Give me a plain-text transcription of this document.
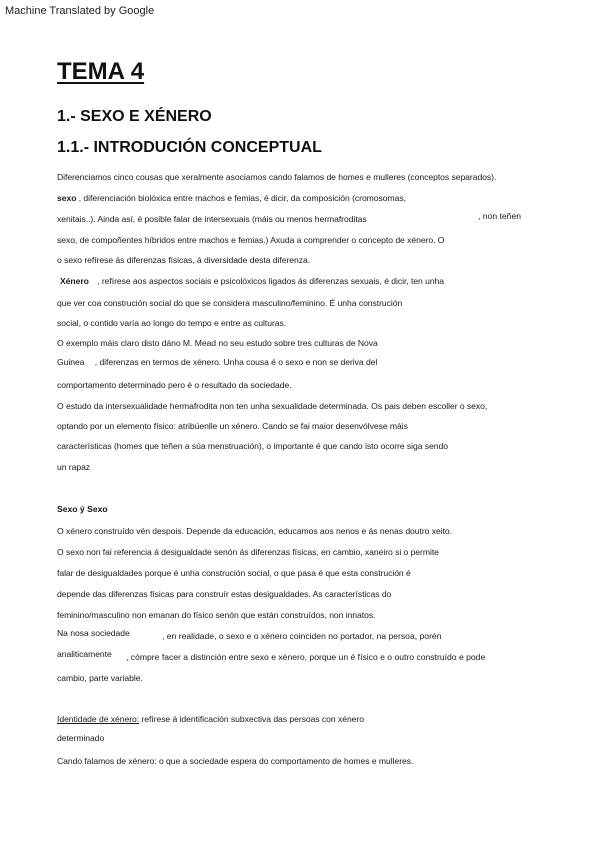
Machine Translated by Google
TEMA 4
1.- SEXO E XÉNERO
1.1.- INTRODUCIÓN CONCEPTUAL
Diferenciamos cinco cousas que xeralmente asociamos cando falamos de homes e mulleres (conceptos separados).
sexo , diferenciación biolóxica entre machos e femias, é dicir, da composición (cromosomas,
xenitais..). Ainda así, é posible falar de intersexuais (máis ou menos hermafroditas	, non teñen
sexo, de compoñentes híbridos entre machos e femias.) Axuda a comprender o concepto de xénero. O
o sexo refírese ás diferenzas físicas, á diversidade desta diferenza.
Xénero , refírese aos aspectos sociais e psicolóxicos ligados ás diferenzas sexuais, é dicir, ten unha
que ver coa construción social do que se considera masculino/feminino. É unha construción
social, o contido varía ao longo do tempo e entre as culturas.
O exemplo máis claro disto dáno M. Mead no seu estudo sobre tres culturas de Nova
Guinea , diferenzas en termos de xénero. Unha cousa é o sexo e non se deriva del
comportamento determinado pero é o resultado da sociedade.
O estudo da intersexualidade hermafrodita non ten unha sexualidade determinada. Os pais deben escoller o sexo,
optando por un elemento físico: atribúenlle un xénero. Cando se fai maior desenvólvese máis
características (homes que teñen a súa menstruación), o importante é que cando isto ocorre siga sendo
un rapaz
Sexo ý Sexo
O xénero construído vén despois. Depende da educación, educamos aos nenos e ás nenas doutro xeito.
O sexo non fai referencia á desigualdade senón ás diferenzas físicas, en cambio, xaneiro si o permite
falar de desigualdades porque é unha construción social, o que pasa é que esta construción é
depende das diferenzas físicas para construír estas desigualdades. As características do
feminino/masculino non emanan do físico senón que están construídos, non innatos.
Na nosa sociedade	, en realidade, o sexo e o xénero coinciden no portador, na persoa, porén
analiticamente , cómpre facer a distinción entre sexo e xénero, porque un é físico e o outro construído e pode
cambio, parte variable.
Identidade de xénero: refírese á identificación subxectiva das persoas con xénero
determinado
Cando falamos de xénero: o que a sociedade espera do comportamento de homes e mulleres.
